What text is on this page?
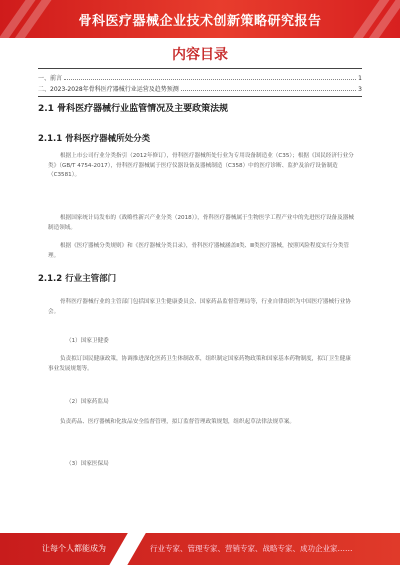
骨科医疗器械企业技术创新策略研究报告
内容目录
一、前言	1
二、2023-2028年骨科医疗器械行业运营及趋势预测	3
2.1 骨科医疗器械行业监管情况及主要政策法规
2.1.1 骨科医疗器械所处分类
根据上市公司行业分类指引（2012年修订），骨科医疗器械所处行业为专用设备制造业（C35）；根据《国民经济行业分类》（GB/T 4754-2017），骨科医疗器械属于医疗仪器设备及器械制造（C358）中的医疗诊断、监护及治疗设备制造（C3581）。
根据国家统计局发布的《战略性新兴产业分类（2018）》，骨科医疗器械属于生物医学工程产业中的先进医疗设备及器械制造领域。
根据《医疗器械分类规则》和《医疗器械分类目录》，骨科医疗器械涵盖Ⅱ类、Ⅲ类医疗器械，按照风险程度实行分类管理。
2.1.2 行业主管部门
骨科医疗器械行业的主管部门包括国家卫生健康委员会、国家药品监督管理局等，行业自律组织为中国医疗器械行业协会。
（1）国家卫健委
负责拟订国民健康政策，协调推进深化医药卫生体制改革，组织制定国家药物政策和国家基本药物制度，拟订卫生健康事业发展规划等。
（2）国家药监局
负责药品、医疗器械和化妆品安全监督管理，拟订监督管理政策规划，组织起草法律法规草案。
（3）国家医保局
让每个人都能成为	行业专家、管理专家、营销专家、战略专家、成功企业家……
